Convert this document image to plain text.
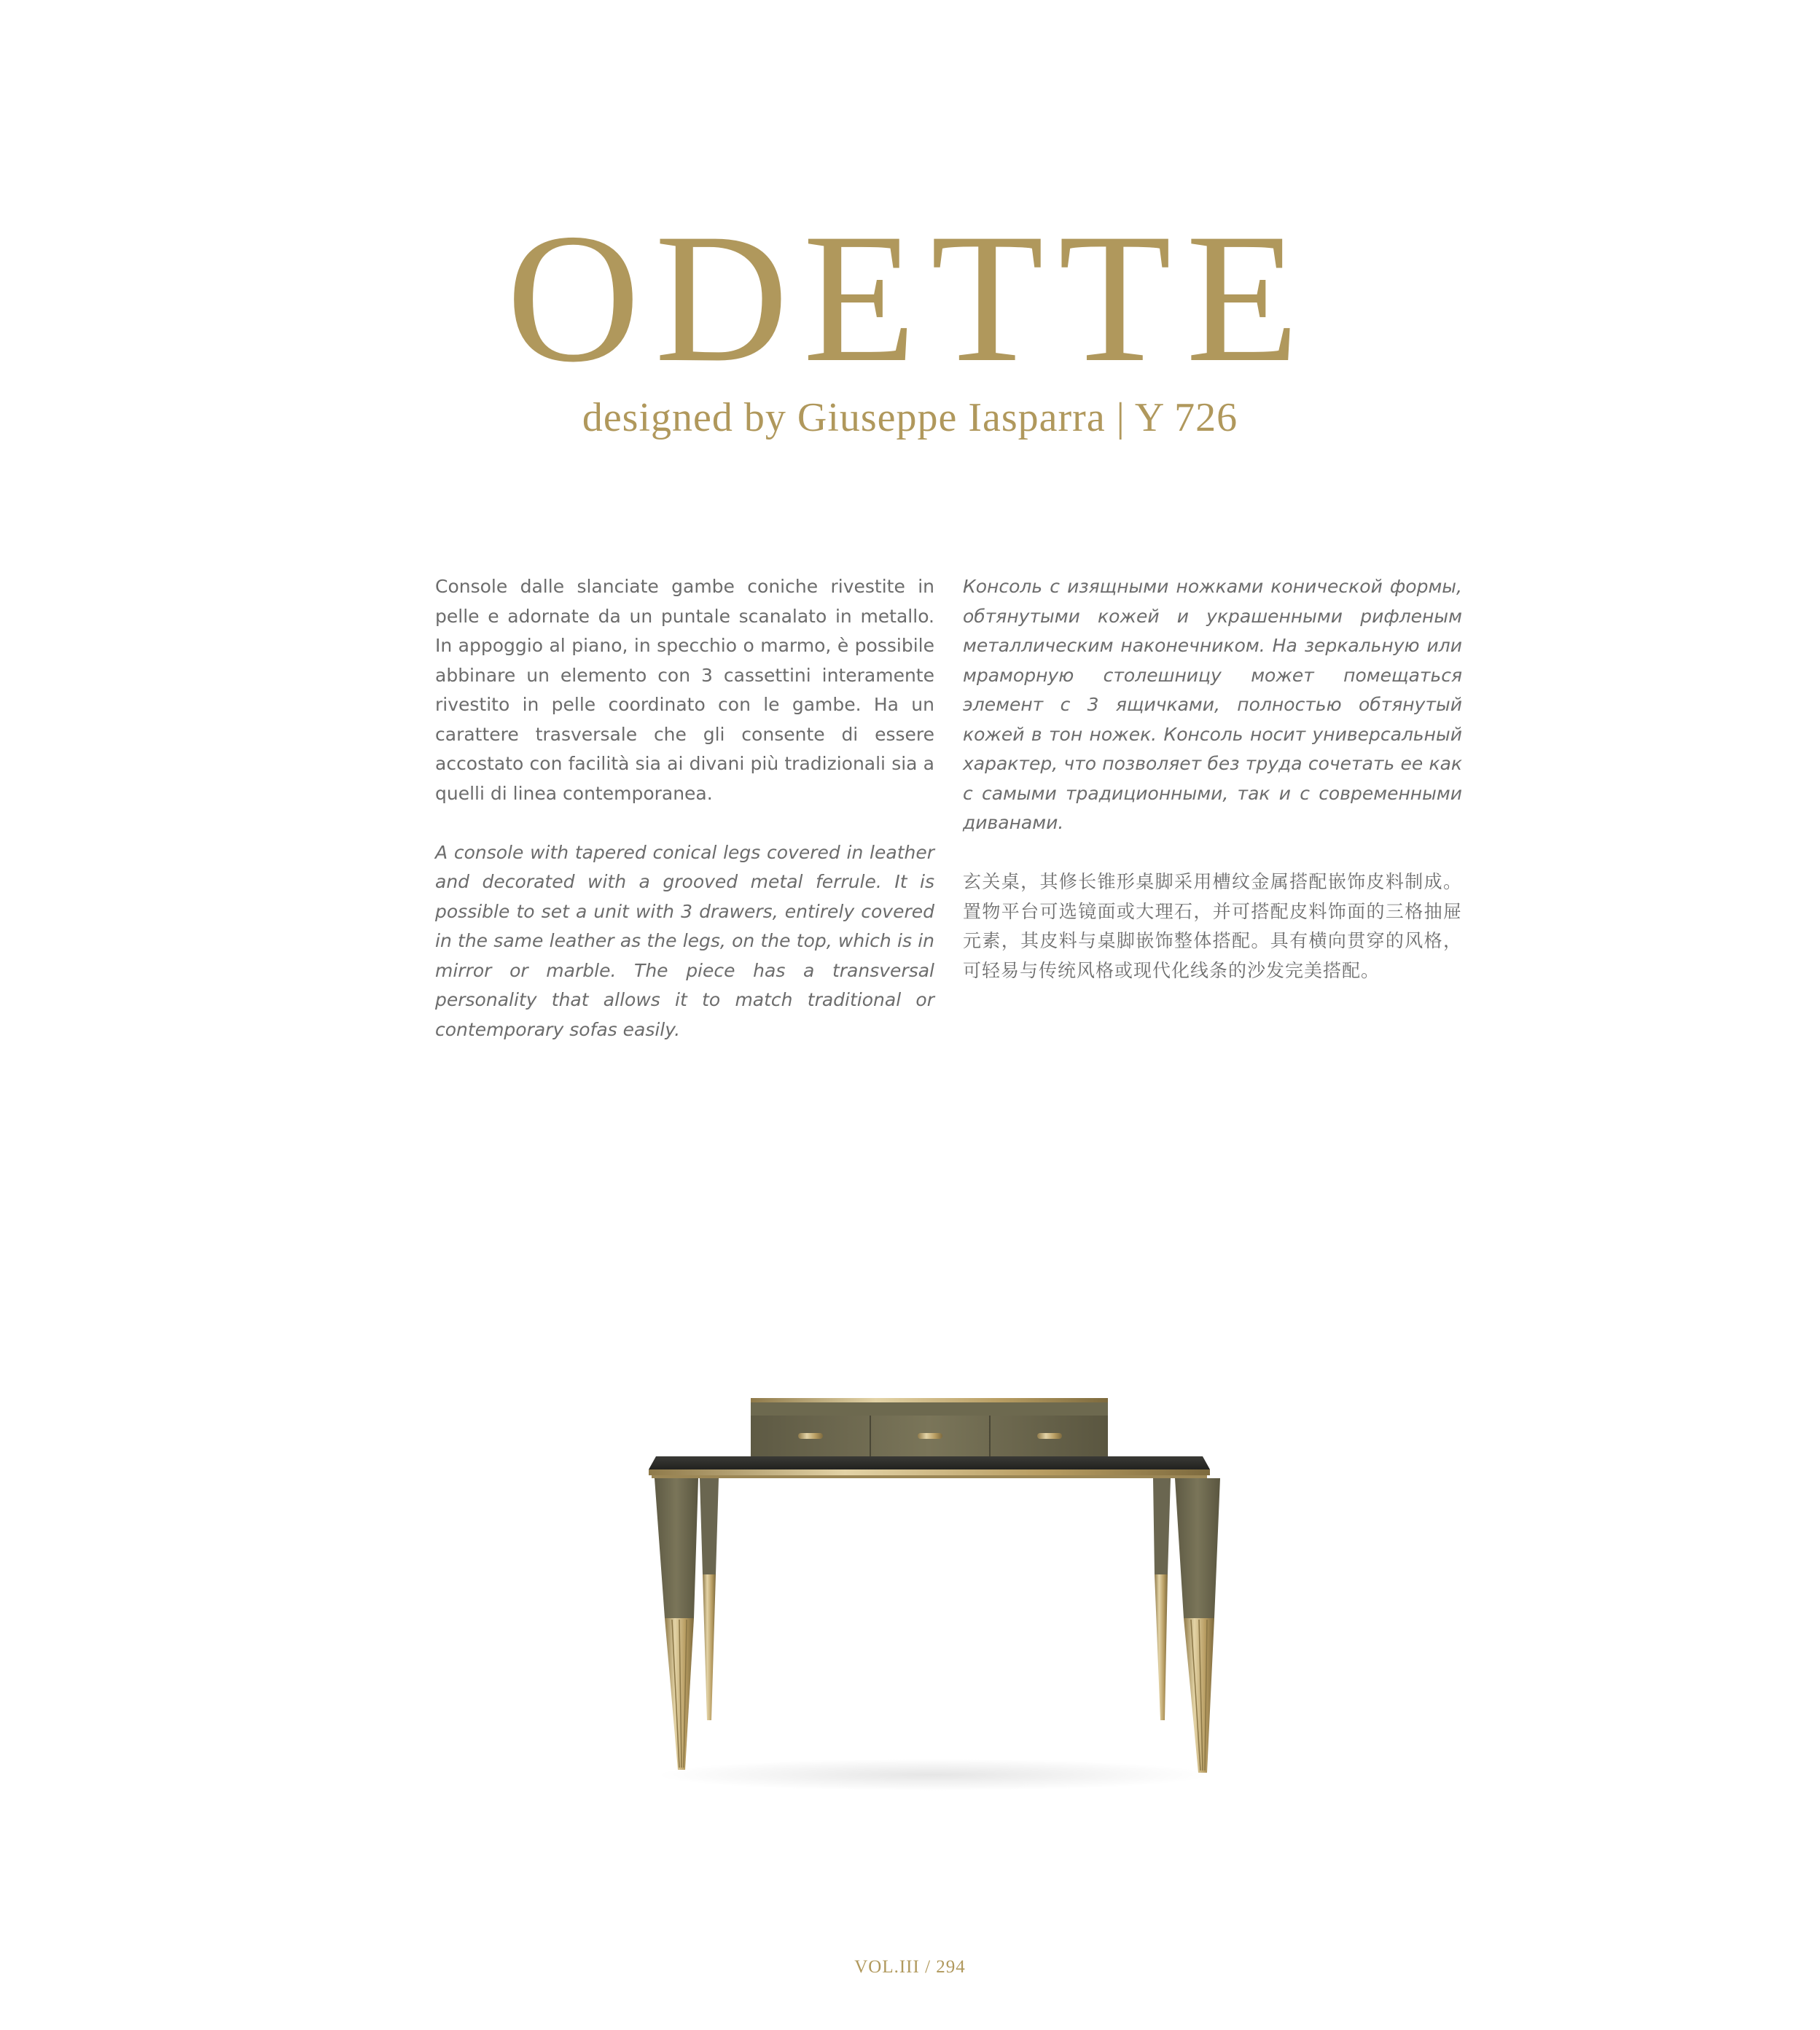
ODETTE
designed by Giuseppe Iasparra | Y 726

Console dalle slanciate gambe coniche rivestite in pelle e adornate da un puntale scanalato in metallo. In appoggio al piano, in specchio o marmo, è possibile abbinare un elemento con 3 cassettini interamente rivestito in pelle coordinato con le gambe. Ha un carattere trasversale che gli consente di essere accostato con facilità sia ai divani più tradizionali sia a quelli di linea contemporanea.

A console with tapered conical legs covered in leather and decorated with a grooved metal ferrule. It is possible to set a unit with 3 drawers, entirely covered in the same leather as the legs, on the top, which is in mirror or marble. The piece has a transversal personality that allows it to match traditional or contemporary sofas easily.

Консоль с изящными ножками конической формы, обтянутыми кожей и украшенными рифленым металлическим наконечником. На зеркальную или мраморную столешницу может помещаться элемент с 3 ящичками, полностью обтянутый кожей в тон ножек. Консоль носит универсальный характер, что позволяет без труда сочетать ее как с самыми традиционными, так и с современными диванами.

玄关桌，其修长锥形桌脚采用槽纹金属搭配嵌饰皮料制成。置物平台可选镜面或大理石，并可搭配皮料饰面的三格抽屉元素，其皮料与桌脚嵌饰整体搭配。具有横向贯穿的风格，可轻易与传统风格或现代化线条的沙发完美搭配。

VOL.III / 294
